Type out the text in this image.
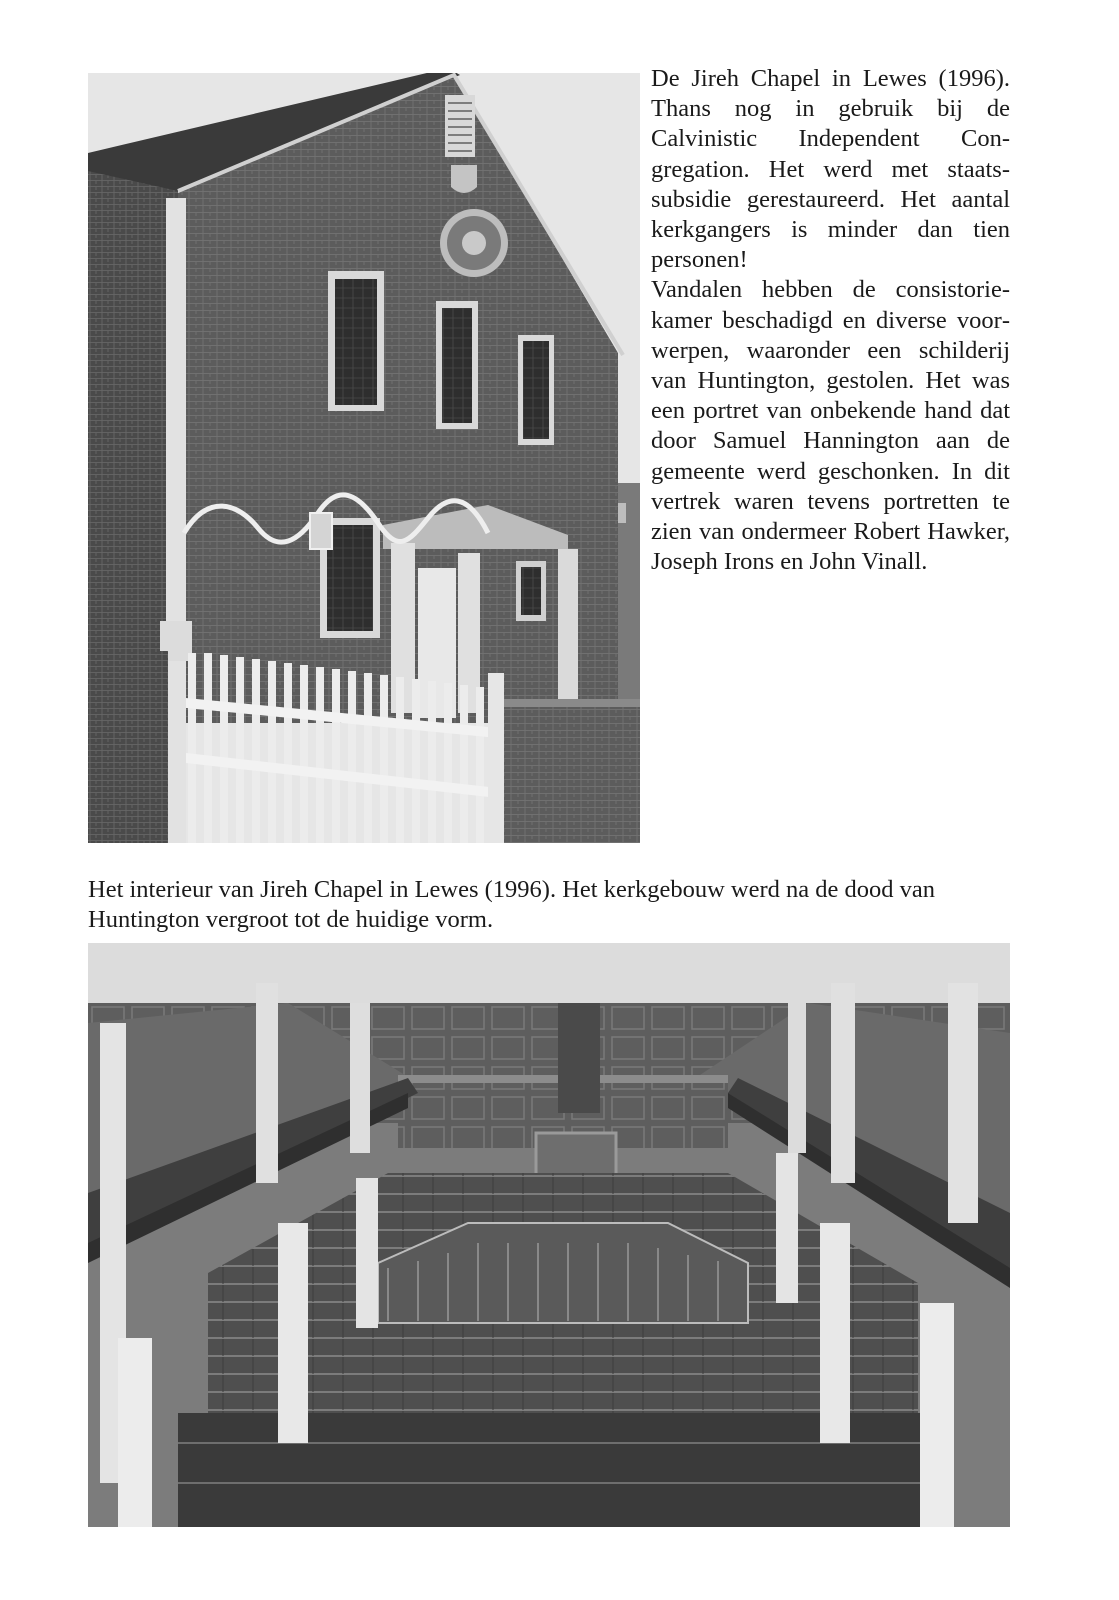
De Jireh Chapel in Lewes (1996). Thans nog in gebruik bij de Calvinistic Independent Congregation. Het werd met staatssubsidie gerestaureerd. Het aantal kerkgangers is minder dan tien personen!

Vandalen hebben de consistoriekamer beschadigd en diverse voorwerpen, waaronder een schilderij van Huntington, gestolen. Het was een portret van onbekende hand dat door Samuel Hannington aan de gemeente werd geschonken. In dit vertrek waren tevens portretten te zien van ondermeer Robert Hawker, Joseph Irons en John Vinall.

Het interieur van Jireh Chapel in Lewes (1996). Het kerkgebouw werd na de dood van Huntington vergroot tot de huidige vorm.
